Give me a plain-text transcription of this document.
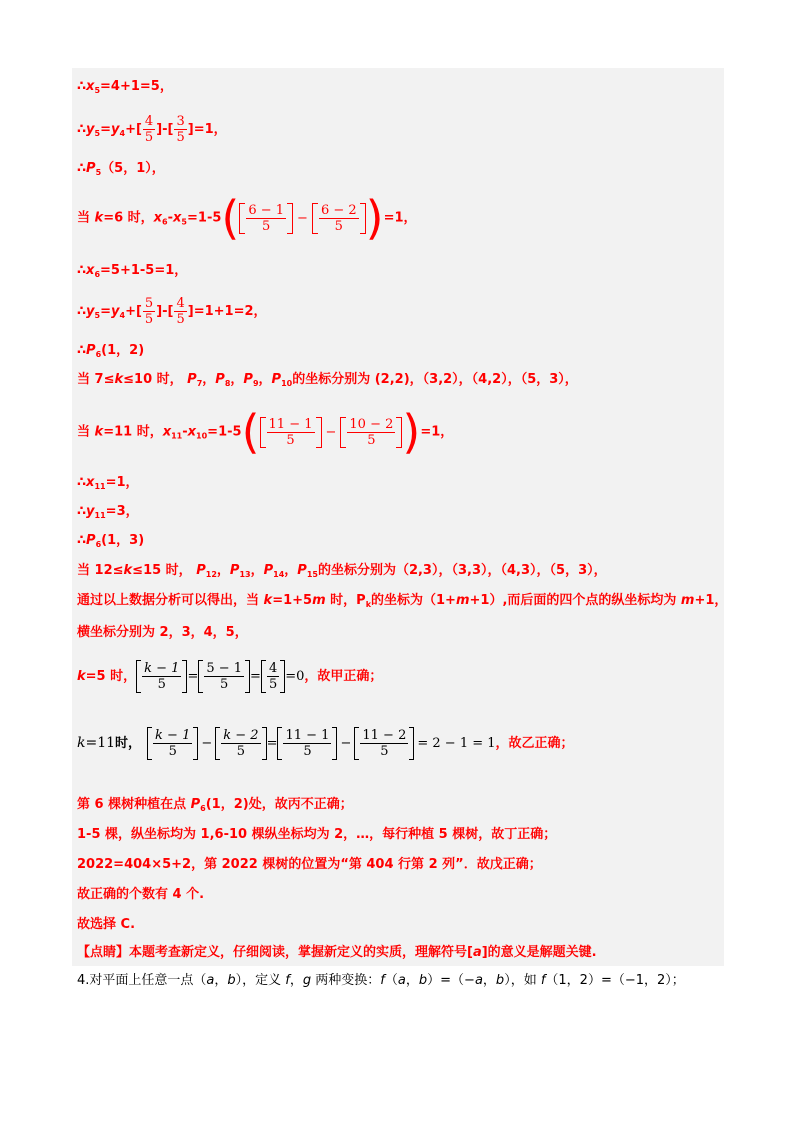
$\therefore x_5=4+1=5$，
$\therefore y_5=y_4+[ \frac{4}{5}$ ]-[ $\frac{3}{5} ]=1$，
$\therefore P_5(5$，1），
当 k=6 时，$x_6-x_5=1-5( \frac{6 - 1}{5} - \frac{6 - 2}{5} )=1$，
$\therefore x_6=5+1-5=1$，
$\therefore y_5=y_4+[ \frac{5}{5}$ ]-[ $\frac{4}{5} ]=1+1=2$，
$\therefore P_6(1$，2)
当 7≤k≤10 时， $P_7$，$P_8$，$P_9$，$P_{10}$的坐标分别为 (2,2)，（3,2），（4,2），（5，3），
当 k=11 时，$x_{11}-x_{10}=1-5( \frac{11 - 1}{5} - \frac{10 - 2}{5} )=1$，
$\therefore x_{11}=1$，
$\therefore y_{11}=3$，
$\therefore P_6(1$，3)
当 12≤k≤15 时， $P_{12}$，$P_{13}$，$P_{14}$，$P_{15}$的坐标分别为（2,3），（3,3），（4,3），（5，3），
通过以上数据分析可以得出，当 k=1+5m 时，$P_k$的坐标为（1+m+1）,而后面的四个点的纵坐标均为 m+1，
横坐标分别为 2，3，4，5，
k=5 时， $\frac{k - 1}{5} = \frac{5 - 1}{5} = \frac{4}{5} =0$，故甲正确；
k=11时， $\frac{k - 1}{5} - \frac{k - 2}{5} = \frac{11 - 1}{5} - \frac{11 - 2}{5} = 2 - 1 = 1$，故乙正确；
第 6 棵树种植在点 $P_6(1$，2)处，故丙不正确；
1-5 棵，纵坐标均为 1,6-10 棵纵坐标均为 2，…，每行种植 5 棵树，故丁正确；
2022=404×5+2，第 2022 棵树的位置为“第 404 行第 2 列”．故戊正确；
故正确的个数有 4 个.
故选择 C.
【点睛】本题考查新定义，仔细阅读，掌握新定义的实质，理解符号[a]的意义是解题关键.
4.对平面上任意一点（a，b），定义 f，g 两种变换：f（a，b）=（−a，b），如 f（1，2）=（−1，2）；
